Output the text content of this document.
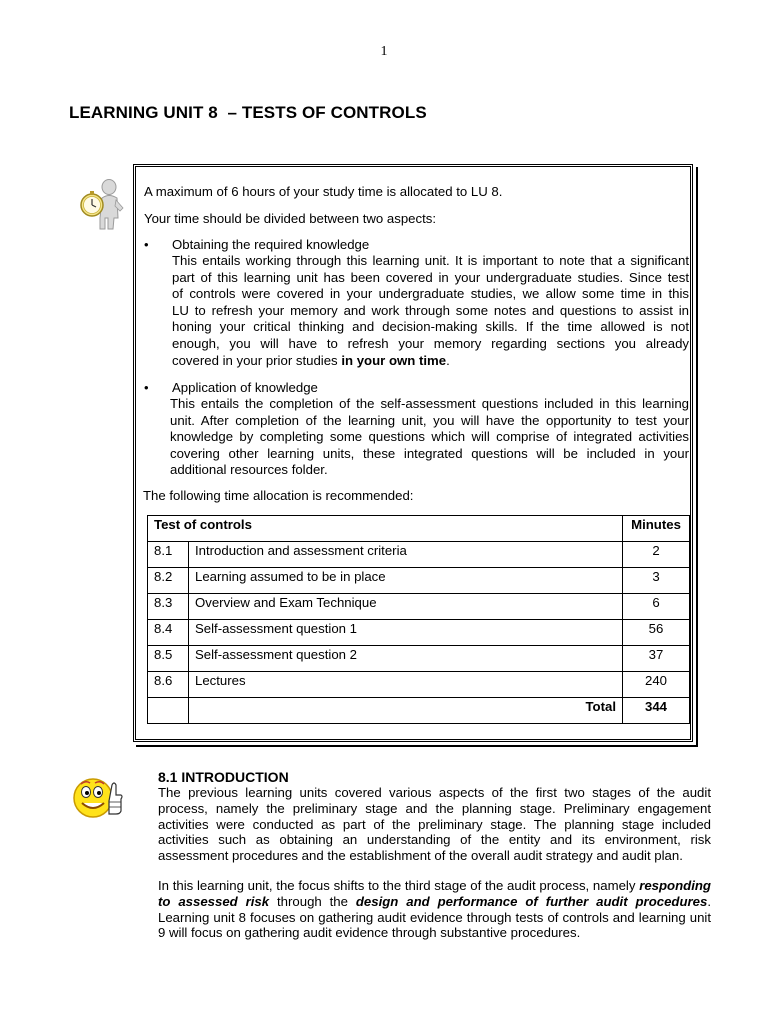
1
LEARNING UNIT 8  – TESTS OF CONTROLS
A maximum of 6 hours of your study time is allocated to LU 8.
Your time should be divided between two aspects:
• Obtaining the required knowledge
This entails working through this learning unit. It is important to note that a significant
part of this learning unit has been covered in your undergraduate studies. Since test
of controls were covered in your undergraduate studies, we allow some time in this
LU to refresh your memory and work through some notes and questions to assist in
honing your critical thinking and decision-making skills. If the time allowed is not
enough, you will have to refresh your memory regarding sections you already
covered in your prior studies in your own time.
• Application of knowledge
This entails the completion of the self-assessment questions included in this learning
unit. After completion of the learning unit, you will have the opportunity to test your
knowledge by completing some questions which will comprise of integrated activities
covering other learning units, these integrated questions will be included in your
additional resources folder.
The following time allocation is recommended:
Test of controls		Minutes
8.1	Introduction and assessment criteria	2
8.2	Learning assumed to be in place	3
8.3	Overview and Exam Technique	6
8.4	Self-assessment question 1	56
8.5	Self-assessment question 2	37
8.6	Lectures	240
	Total	344
8.1 INTRODUCTION
The previous learning units covered various aspects of the first two stages of the audit process, namely the preliminary stage and the planning stage. Preliminary engagement activities were conducted as part of the preliminary stage. The planning stage included activities such as obtaining an understanding of the entity and its environment, risk assessment procedures and the establishment of the overall audit strategy and audit plan.
In this learning unit, the focus shifts to the third stage of the audit process, namely responding to assessed risk through the design and performance of further audit procedures. Learning unit 8 focuses on gathering audit evidence through tests of controls and learning unit 9 will focus on gathering audit evidence through substantive procedures.
